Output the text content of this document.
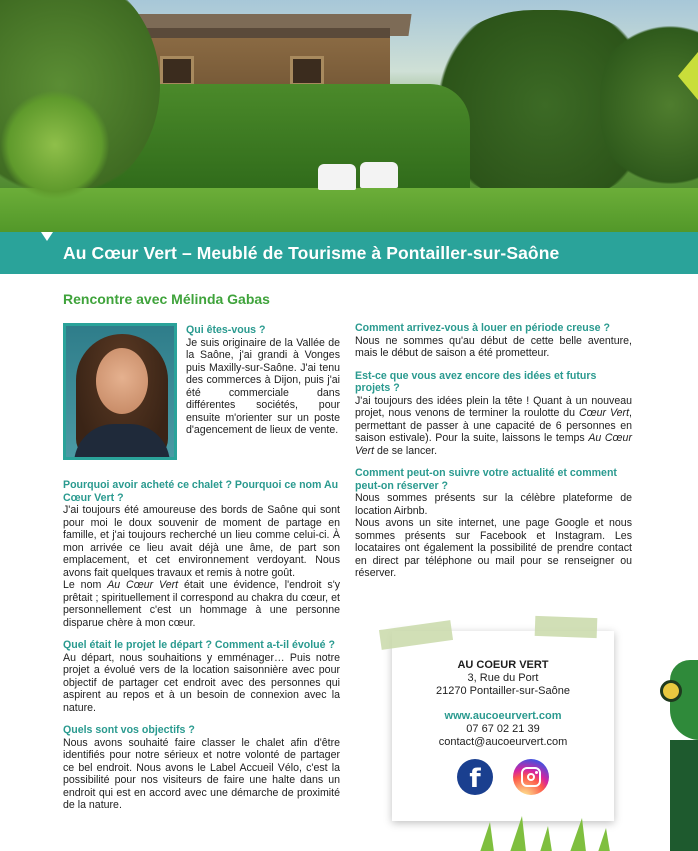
Au Cœur Vert – Meublé de Tourisme à Pontailler-sur-Saône
Rencontre avec Mélinda Gabas
Qui êtes-vous ?
Je suis originaire de la Vallée de la Saône, j'ai grandi à Vonges puis Maxilly-sur-Saône. J'ai tenu des commerces à Dijon, puis j'ai été commerciale dans différentes sociétés, pour ensuite m'orienter sur un poste d'agencement de lieux de vente.
Pourquoi avoir acheté ce chalet ? Pourquoi ce nom Au Cœur Vert ?
J'ai toujours été amoureuse des bords de Saône qui sont pour moi le doux souvenir de moment de partage en famille, et j'ai toujours recherché un lieu comme celui-ci. À mon arrivée ce lieu avait déjà une âme, de part son emplacement, et cet environnement verdoyant. Nous avons fait quelques travaux et remis à notre goût.
Le nom Au Cœur Vert était une évidence, l'endroit s'y prêtait ; spirituellement il correspond au chakra du cœur, et personnellement c'est un hommage à une personne disparue chère à mon cœur.
Quel était le projet le départ ? Comment a-t-il évolué ?
Au départ, nous souhaitions y emménager… Puis notre projet a évolué vers de la location saisonnière avec pour objectif de partager cet endroit avec des personnes qui aspirent au repos et à un besoin de connexion avec la nature.
Quels sont vos objectifs ?
Nous avons souhaité faire classer le chalet afin d'être identifiés pour notre sérieux et notre volonté de partager ce bel endroit. Nous avons le Label Accueil Vélo, c'est la possibilité pour nos visiteurs de faire une halte dans un endroit qui est en accord avec une démarche de proximité de la nature.
Comment arrivez-vous à louer en période creuse ?
Nous ne sommes qu'au début de cette belle aventure, mais le début de saison a été prometteur.
Est-ce que vous avez encore des idées et futurs projets ?
J'ai toujours des idées plein la tête ! Quant à un nouveau projet, nous venons de terminer la roulotte du Cœur Vert, permettant de passer à une capacité de 6 personnes en saison estivale). Pour la suite, laissons le temps Au Cœur Vert de se lancer.
Comment peut-on suivre votre actualité et comment peut-on réserver ?
Nous sommes présents sur la célèbre plateforme de location Airbnb.
Nous avons un site internet, une page Google et nous sommes présents sur Facebook et Instagram. Les locataires ont également la possibilité de prendre contact en direct par téléphone ou mail pour se renseigner ou réserver.
AU COEUR VERT
3, Rue du Port
21270 Pontailler-sur-Saône
www.aucoeurvert.com
07 67 02 21 39
contact@aucoeurvert.com
f
